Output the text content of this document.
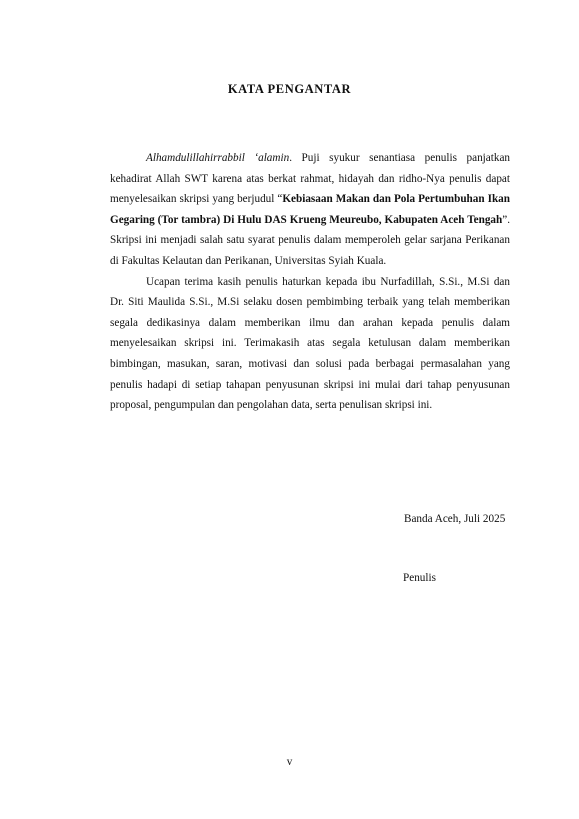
KATA PENGANTAR

Alhamdulillahirrabbil ‘alamin. Puji syukur senantiasa penulis panjatkan kehadirat Allah SWT karena atas berkat rahmat, hidayah dan ridho-Nya penulis dapat menyelesaikan skripsi yang berjudul “Kebiasaan Makan dan Pola Pertumbuhan Ikan Gegaring (Tor tambra) Di Hulu DAS Krueng Meureubo, Kabupaten Aceh Tengah”. Skripsi ini menjadi salah satu syarat penulis dalam memperoleh gelar sarjana Perikanan di Fakultas Kelautan dan Perikanan, Universitas Syiah Kuala.

Ucapan terima kasih penulis haturkan kepada ibu Nurfadillah, S.Si., M.Si dan Dr. Siti Maulida S.Si., M.Si selaku dosen pembimbing terbaik yang telah memberikan segala dedikasinya dalam memberikan ilmu dan arahan kepada penulis dalam menyelesaikan skripsi ini. Terimakasih atas segala ketulusan dalam memberikan bimbingan, masukan, saran, motivasi dan solusi pada berbagai permasalahan yang penulis hadapi di setiap tahapan penyusunan skripsi ini mulai dari tahap penyusunan proposal, pengumpulan dan pengolahan data, serta penulisan skripsi ini.

Banda Aceh, Juli 2025
Penulis
v
